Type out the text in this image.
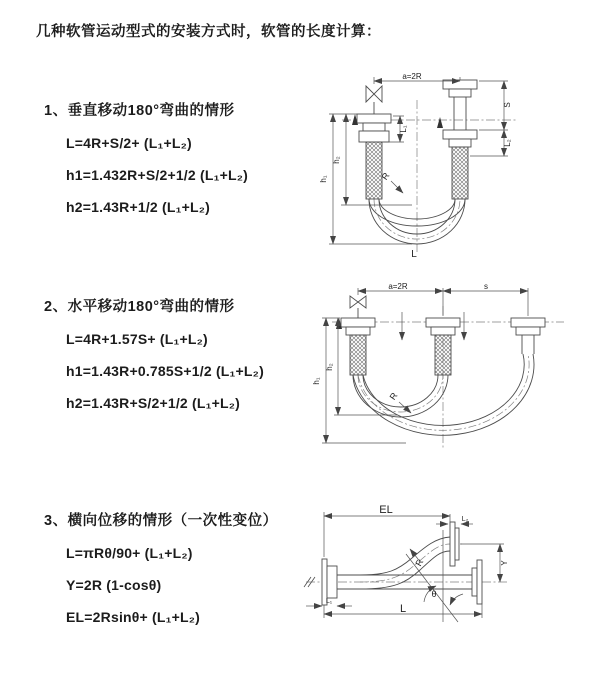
几种软管运动型式的安装方式时，软管的长度计算：
1、垂直移动180°弯曲的情形
L=4R+S/2+ (L₁+L₂)
h1=1.432R+S/2+1/2 (L₁+L₂)
h2=1.43R+1/2 (L₁+L₂)
2、水平移动180°弯曲的情形
L=4R+1.57S+ (L₁+L₂)
h1=1.43R+0.785S+1/2 (L₁+L₂)
h2=1.43R+S/2+1/2 (L₁+L₂)
3、横向位移的情形（一次性变位）
L=πRθ/90+ (L₁+L₂)
Y=2R (1-cosθ)
EL=2Rsinθ+ (L₁+L₂)
a=2R
S
L₂
L₁
h₂
h₁	R
L
a=2R	s
h₂
h₁
R
EL
L₂
Y
L
L₁
R
θ
